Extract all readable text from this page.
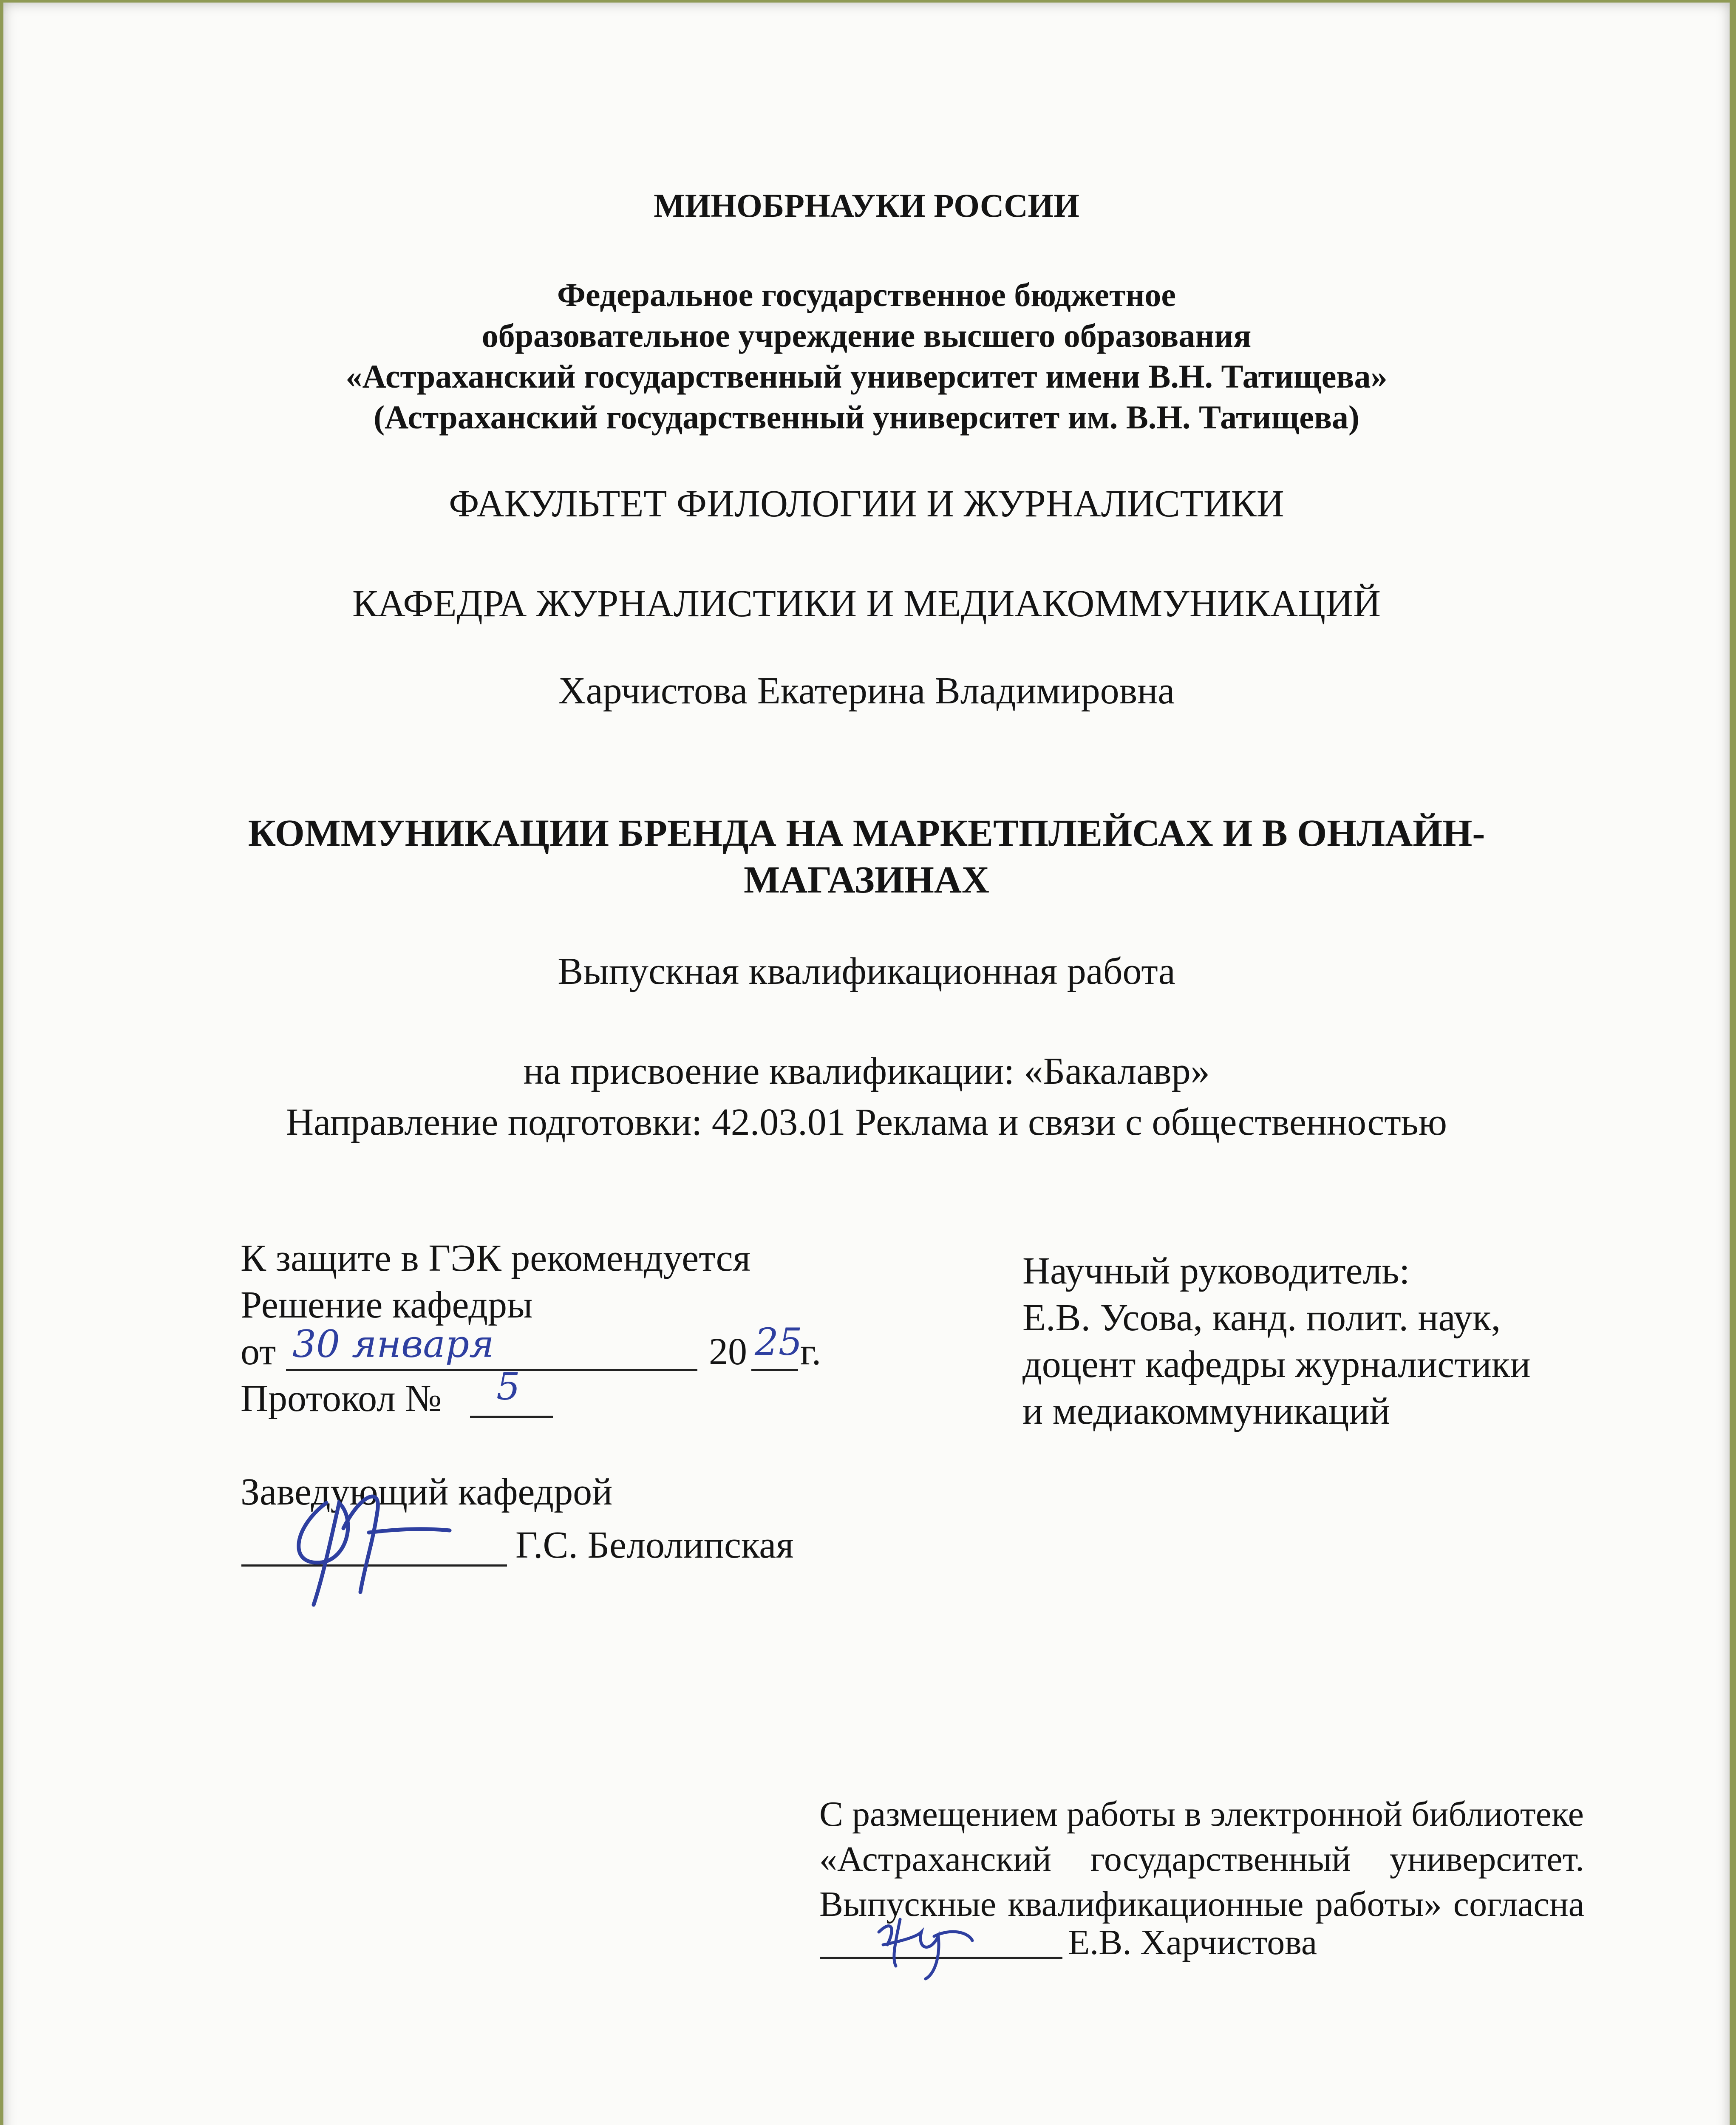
МИНОБРНАУКИ РОССИИ
Федеральное государственное бюджетное
образовательное учреждение высшего образования
«Астраханский государственный университет имени В.Н. Татищева»
(Астраханский государственный университет им. В.Н. Татищева)
ФАКУЛЬТЕТ ФИЛОЛОГИИ И ЖУРНАЛИСТИКИ
КАФЕДРА ЖУРНАЛИСТИКИ И МЕДИАКОММУНИКАЦИЙ
Харчистова Екатерина Владимировна
КОММУНИКАЦИИ БРЕНДА НА МАРКЕТПЛЕЙСАХ И В ОНЛАЙН-
МАГАЗИНАХ
Выпускная квалификационная работа
на присвоение квалификации: «Бакалавр»
Направление подготовки: 42.03.01 Реклама и связи с общественностью
К защите в ГЭК рекомендуется
Решение кафедры
от 30 января	20 25
г.
Протокол № 5
Заведующий кафедрой
Г.С. Белолипская
Научный руководитель:
Е.В. Усова, канд. полит. наук,
доцент кафедры журналистики
и медиакоммуникаций
С размещением работы в электронной библиотеке
«Астраханский государственный университет.
Выпускные квалификационные работы» согласна
Е.В. Харчистова
